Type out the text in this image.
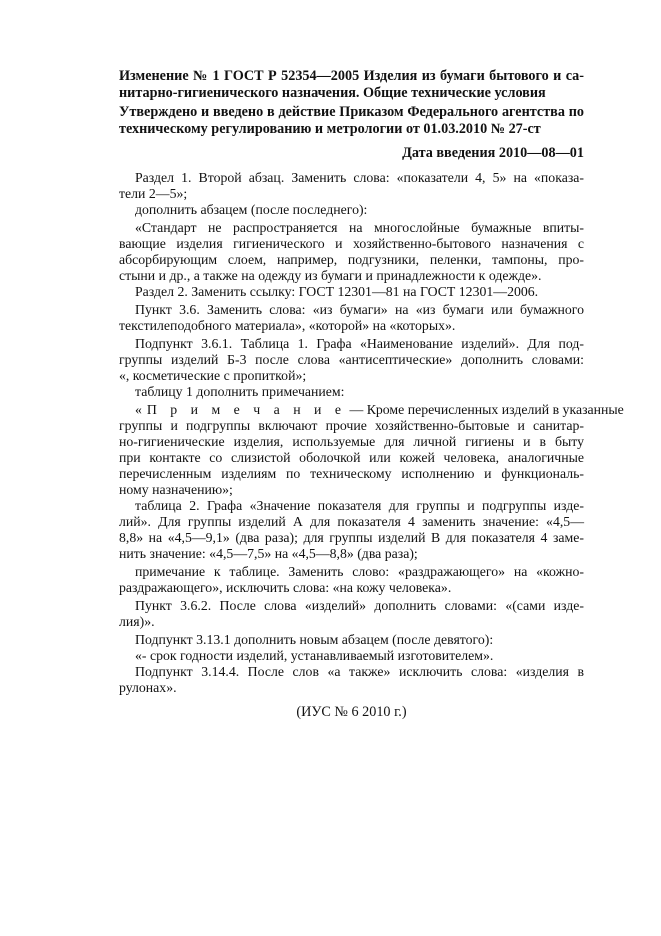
Изменение № 1 ГОСТ Р 52354—2005 Изделия из бумаги бытового и са-
нитарно-гигиенического назначения. Общие технические условия
Утверждено и введено в действие Приказом Федерального агентства по
техническому регулированию и метрологии от 01.03.2010 № 27-ст
Дата введения 2010—08—01
Раздел 1. Второй абзац. Заменить слова: «показатели 4, 5» на «показа-
тели 2—5»;
дополнить абзацем (после последнего):
«Стандарт не распространяется на многослойные бумажные впиты-
вающие изделия гигиенического и хозяйственно-бытового назначения с
абсорбирующим слоем, например, подгузники, пеленки, тампоны, про-
стыни и др., а также на одежду из бумаги и принадлежности к одежде».
Раздел 2. Заменить ссылку: ГОСТ 12301—81 на ГОСТ 12301—2006.
Пункт 3.6. Заменить слова: «из бумаги» на «из бумаги или бумажного
текстилеподобного материала», «которой» на «которых».
Подпункт 3.6.1. Таблица 1. Графа «Наименование изделий». Для под-
группы изделий Б-3 после слова «антисептические» дополнить словами:
«, косметические с пропиткой»;
таблицу 1 дополнить примечанием:
«П р и м е ч а н и е — Кроме перечисленных изделий в указанные
группы и подгруппы включают прочие хозяйственно-бытовые и санитар-
но-гигиенические изделия, используемые для личной гигиены и в быту
при контакте со слизистой оболочкой или кожей человека, аналогичные
перечисленным изделиям по техническому исполнению и функциональ-
ному назначению»;
таблица 2. Графа «Значение показателя для группы и подгруппы изде-
лий». Для группы изделий А для показателя 4 заменить значение: «4,5—
8,8» на «4,5—9,1» (два раза); для группы изделий В для показателя 4 заме-
нить значение: «4,5—7,5» на «4,5—8,8» (два раза);
примечание к таблице. Заменить слово: «раздражающего» на «кожно-
раздражающего», исключить слова: «на кожу человека».
Пункт 3.6.2. После слова «изделий» дополнить словами: «(сами изде-
лия)».
Подпункт 3.13.1 дополнить новым абзацем (после девятого):
«- срок годности изделий, устанавливаемый изготовителем».
Подпункт 3.14.4. После слов «а также» исключить слова: «изделия в
рулонах».
(ИУС № 6 2010 г.)
